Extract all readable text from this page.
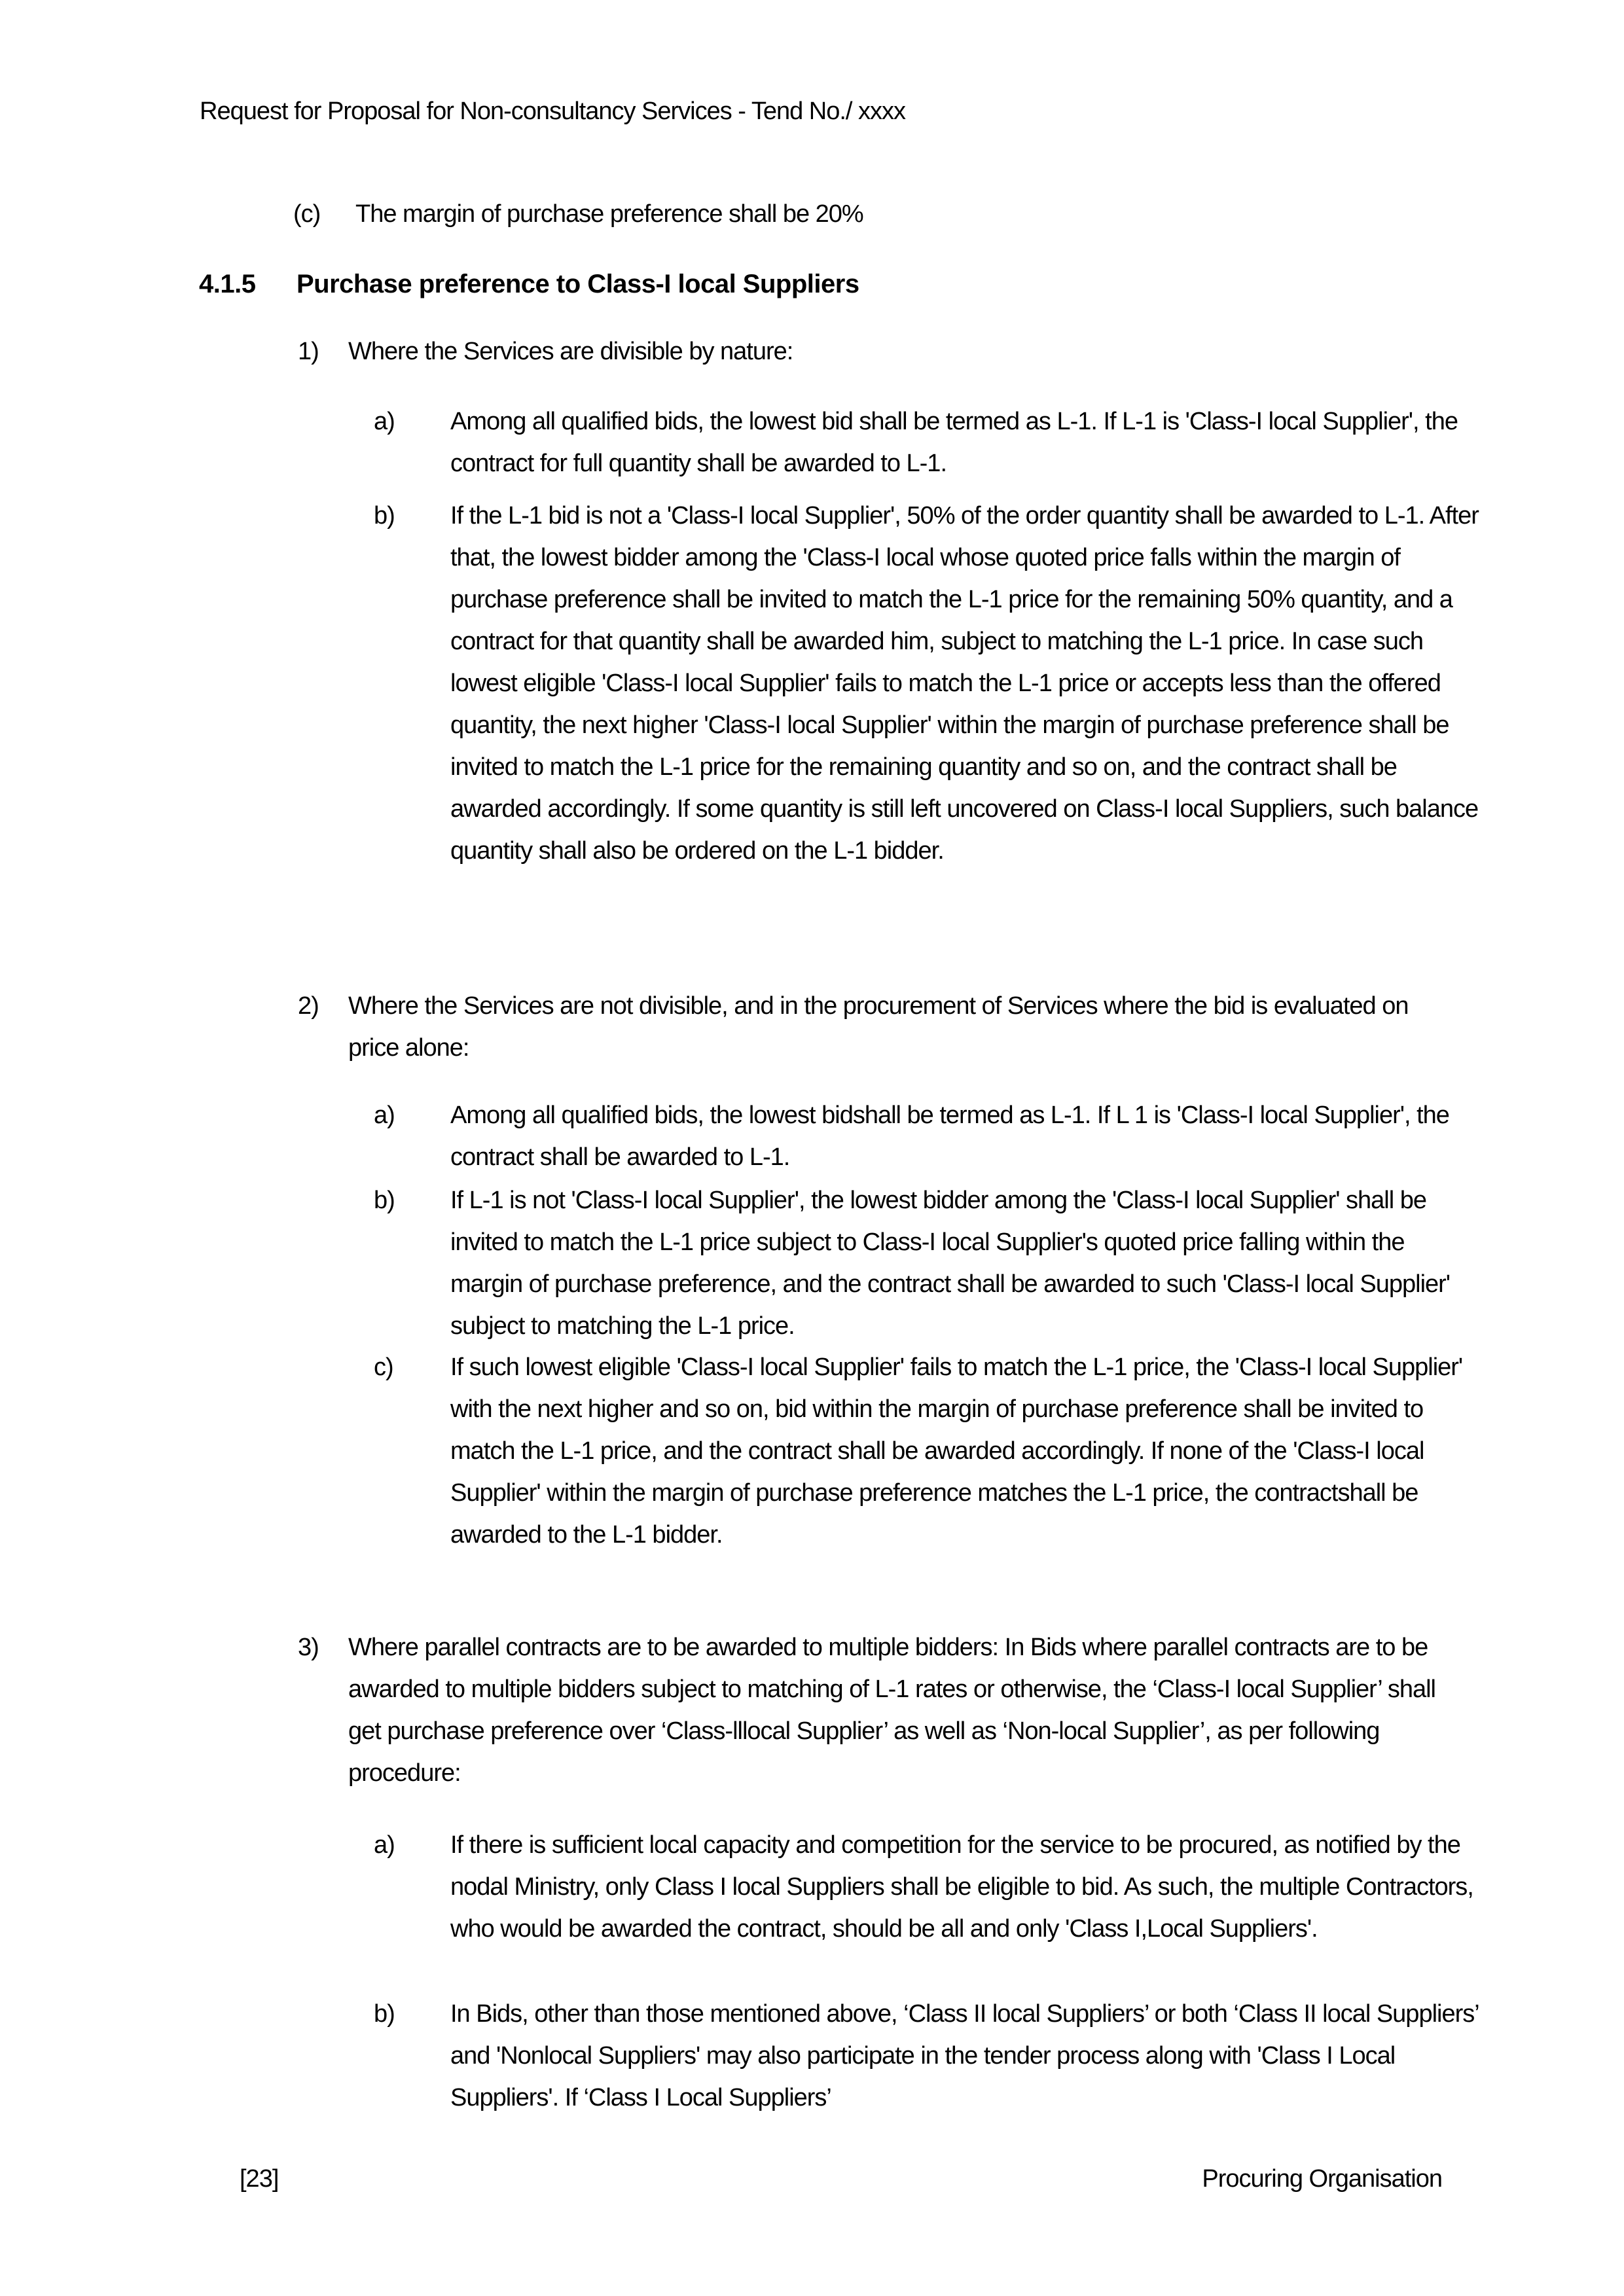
Request for Proposal for Non-consultancy Services - Tend No./ xxxx
(c)	The margin of purchase preference shall be 20%
4.1.5	Purchase preference to Class-I local Suppliers
1)	Where the Services are divisible by nature:
a)	Among all qualified bids, the lowest bid shall be termed as L-1. If L-1 is 'Class-I local Supplier', the contract for full quantity shall be awarded to L-1.
b)	If the L-1 bid is not a 'Class-I local Supplier', 50% of the order quantity shall be awarded to L-1. After that, the lowest bidder among the 'Class-I local whose quoted price falls within the margin of purchase preference shall be invited to match the L-1 price for the remaining 50% quantity, and a contract for that quantity shall be awarded him, subject to matching the L-1 price. In case such lowest eligible 'Class-I local Supplier' fails to match the L-1 price or accepts less than the offered quantity, the next higher 'Class-I local Supplier' within the margin of purchase preference shall be invited to match the L-1 price for the remaining quantity and so on, and the contract shall be awarded accordingly. If some quantity is still left uncovered on Class-I local Suppliers, such balance quantity shall also be ordered on the L-1 bidder.
2)	Where the Services are not divisible, and in the procurement of Services where the bid is evaluated on price alone:
a)	Among all qualified bids, the lowest bidshall be termed as L-1. If L 1 is 'Class-I local Supplier', the contract shall be awarded to L-1.
b)	If L-1 is not 'Class-I local Supplier', the lowest bidder among the 'Class-I local Supplier' shall be invited to match the L-1 price subject to Class-I local Supplier's quoted price falling within the margin of purchase preference, and the contract shall be awarded to such 'Class-I local Supplier' subject to matching the L-1 price.
c)	If such lowest eligible 'Class-I local Supplier' fails to match the L-1 price, the 'Class-I local Supplier' with the next higher and so on, bid within the margin of purchase preference shall be invited to match the L-1 price, and the contract shall be awarded accordingly. If none of the 'Class-I local Supplier' within the margin of purchase preference matches the L-1 price, the contractshall be awarded to the L-1 bidder.
3)	Where parallel contracts are to be awarded to multiple bidders: In Bids where parallel contracts are to be awarded to multiple bidders subject to matching of L-1 rates or otherwise, the ‘Class-I local Supplier’ shall get purchase preference over ‘Class-lllocal Supplier’ as well as ‘Non-local Supplier’, as per following procedure:
a)	If there is sufficient local capacity and competition for the service to be procured, as notified by the nodal Ministry, only Class I local Suppliers shall be eligible to bid. As such, the multiple Contractors, who would be awarded the contract, should be all and only 'Class I,Local Suppliers'.
b)	In Bids, other than those mentioned above, ‘Class II local Suppliers’ or both ‘Class II local Suppliers’ and 'Nonlocal Suppliers' may also participate in the tender process along with 'Class I Local Suppliers'. If ‘Class I Local Suppliers’
[23]	Procuring Organisation
